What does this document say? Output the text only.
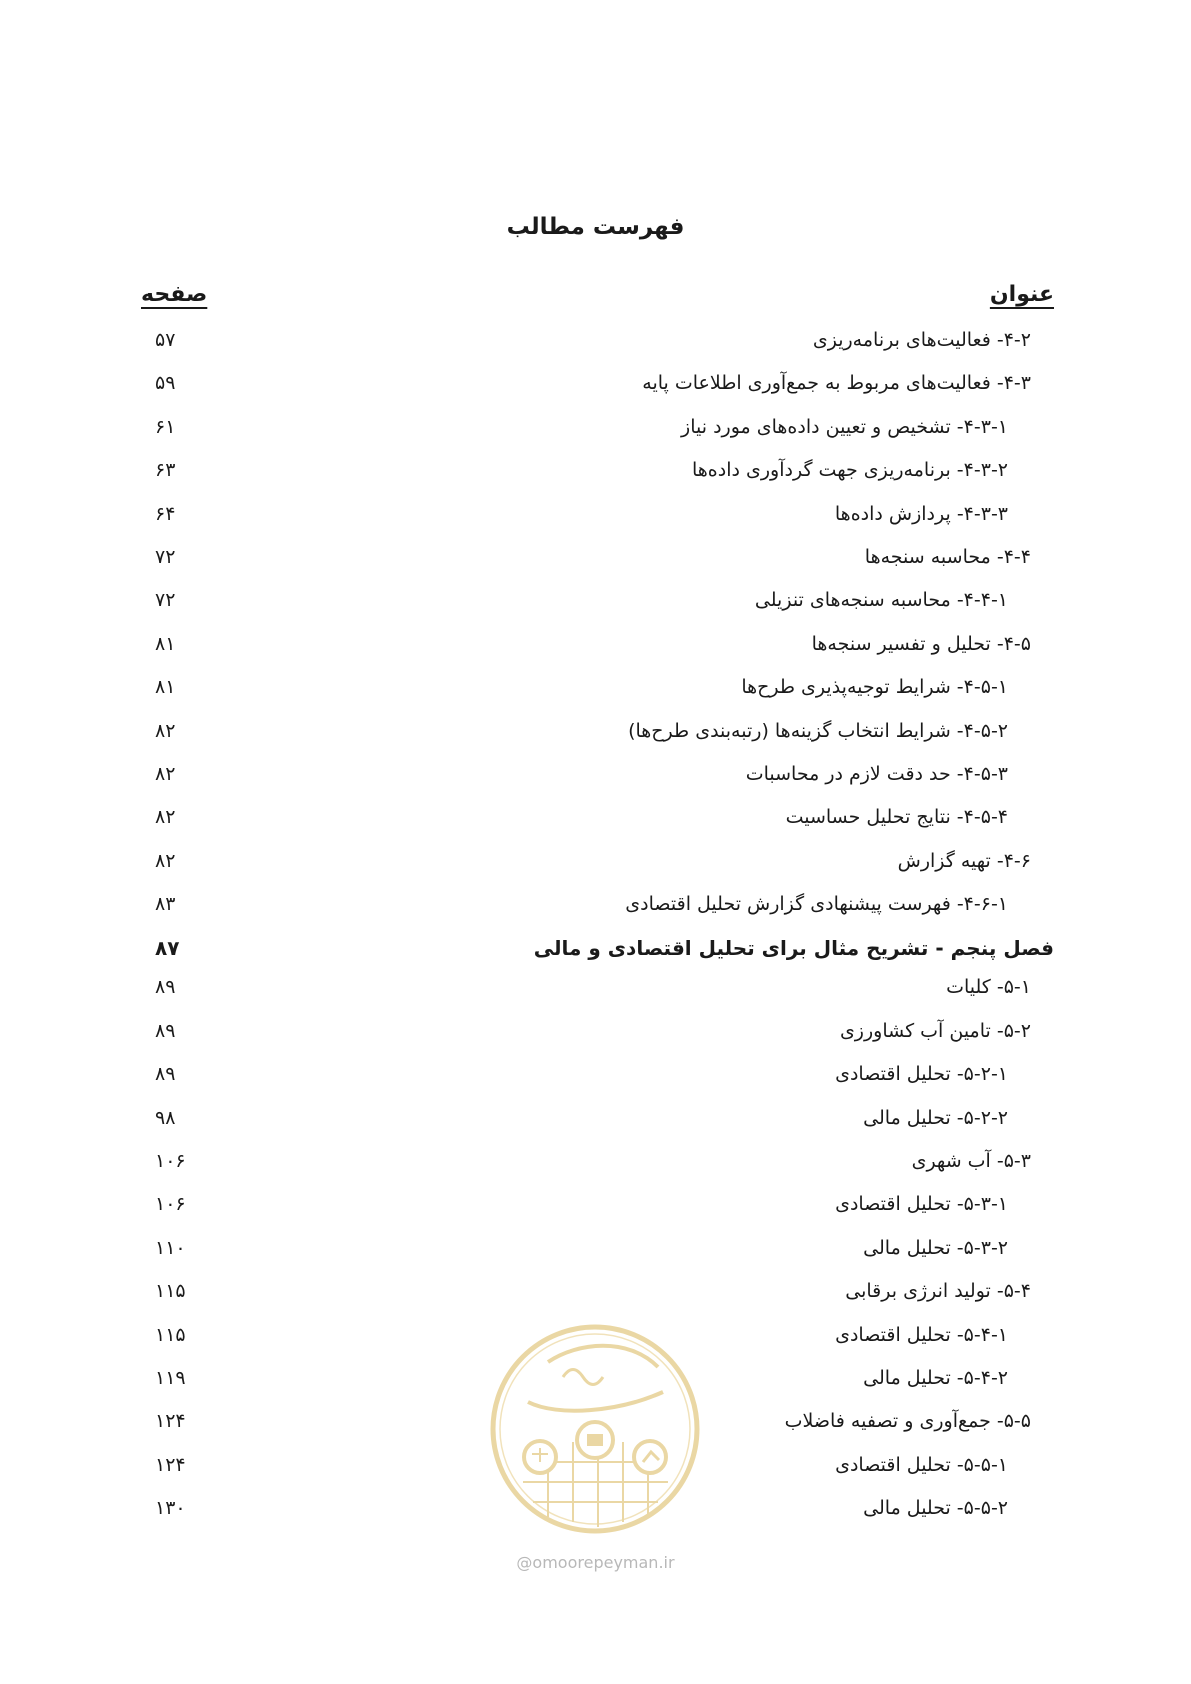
فهرست مطالب
عنوان
صفحه
۴-۲- فعالیت‌های برنامه‌ریزی
۵۷
۴-۳- فعالیت‌های مربوط به جمع‌آوری اطلاعات پایه
۵۹
۴-۳-۱- تشخیص و تعیین داده‌های مورد نیاز
۶۱
۴-۳-۲- برنامه‌ریزی جهت گردآوری داده‌ها
۶۳
۴-۳-۳- پردازش داده‌ها
۶۴
۴-۴- محاسبه سنجه‌ها
۷۲
۴-۴-۱- محاسبه سنجه‌های تنزیلی
۷۲
۴-۵- تحلیل و تفسیر سنجه‌ها
۸۱
۴-۵-۱- شرایط توجیه‌پذیری طرح‌ها
۸۱
۴-۵-۲- شرایط انتخاب گزینه‌ها (رتبه‌بندی طرح‌ها)
۸۲
۴-۵-۳- حد دقت لازم در محاسبات
۸۲
۴-۵-۴- نتایج تحلیل حساسیت
۸۲
۴-۶- تهیه گزارش
۸۲
۴-۶-۱- فهرست پیشنهادی گزارش تحلیل اقتصادی
۸۳
فصل پنجم - تشریح مثال برای تحلیل اقتصادی و مالی
۸۷
۵-۱- کلیات
۸۹
۵-۲- تامین آب کشاورزی
۸۹
۵-۲-۱- تحلیل اقتصادی
۸۹
۵-۲-۲- تحلیل مالی
۹۸
۵-۳- آب شهری
۱۰۶
۵-۳-۱- تحلیل اقتصادی
۱۰۶
۵-۳-۲- تحلیل مالی
۱۱۰
۵-۴- تولید انرژی برقابی
۱۱۵
۵-۴-۱- تحلیل اقتصادی
۱۱۵
۵-۴-۲- تحلیل مالی
۱۱۹
۵-۵- جمع‌آوری و تصفیه فاضلاب
۱۲۴
۵-۵-۱- تحلیل اقتصادی
۱۲۴
۵-۵-۲- تحلیل مالی
۱۳۰
@omoorepeyman.ir
